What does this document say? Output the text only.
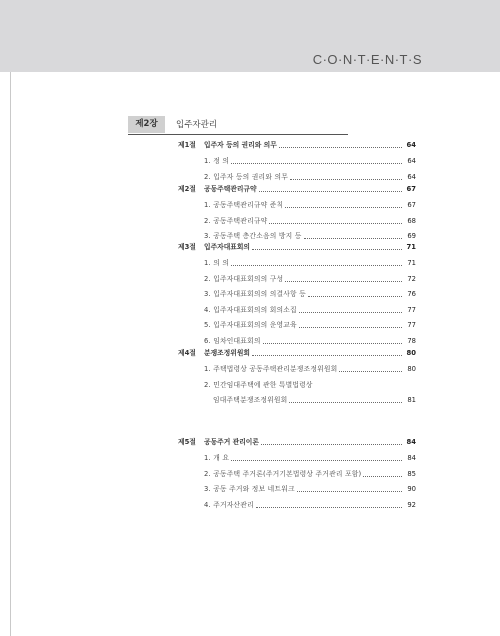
C·O·N·T·E·N·T·S
제2장	입주자관리
제1절 입주자 등의 권리와 의무	64
1. 정 의	64
2. 입주자 등의 권리와 의무	64
제2절 공동주택관리규약	67
1. 공동주택관리규약 준칙	67
2. 공동주택관리규약	68
3. 공동주택 층간소음의 방지 등	69
제3절 입주자대표회의	71
1. 의 의	71
2. 입주자대표회의의 구성	72
3. 입주자대표회의의 의결사항 등	76
4. 입주자대표회의의 회의소집	77
5. 입주자대표회의의 운영교육	77
6. 임차인대표회의	78
제4절 분쟁조정위원회	80
1. 주택법령상 공동주택관리분쟁조정위원회	80
2. 민간임대주택에 관한 특별법령상
임대주택분쟁조정위원회	81
제5절 공동주거 관리이론	84
1. 개 요	84
2. 공동주택 주거론(주거기본법령상 주거관리 포함)	85
3. 공동 주거와 정보 네트워크	90
4. 주거자산관리	92
